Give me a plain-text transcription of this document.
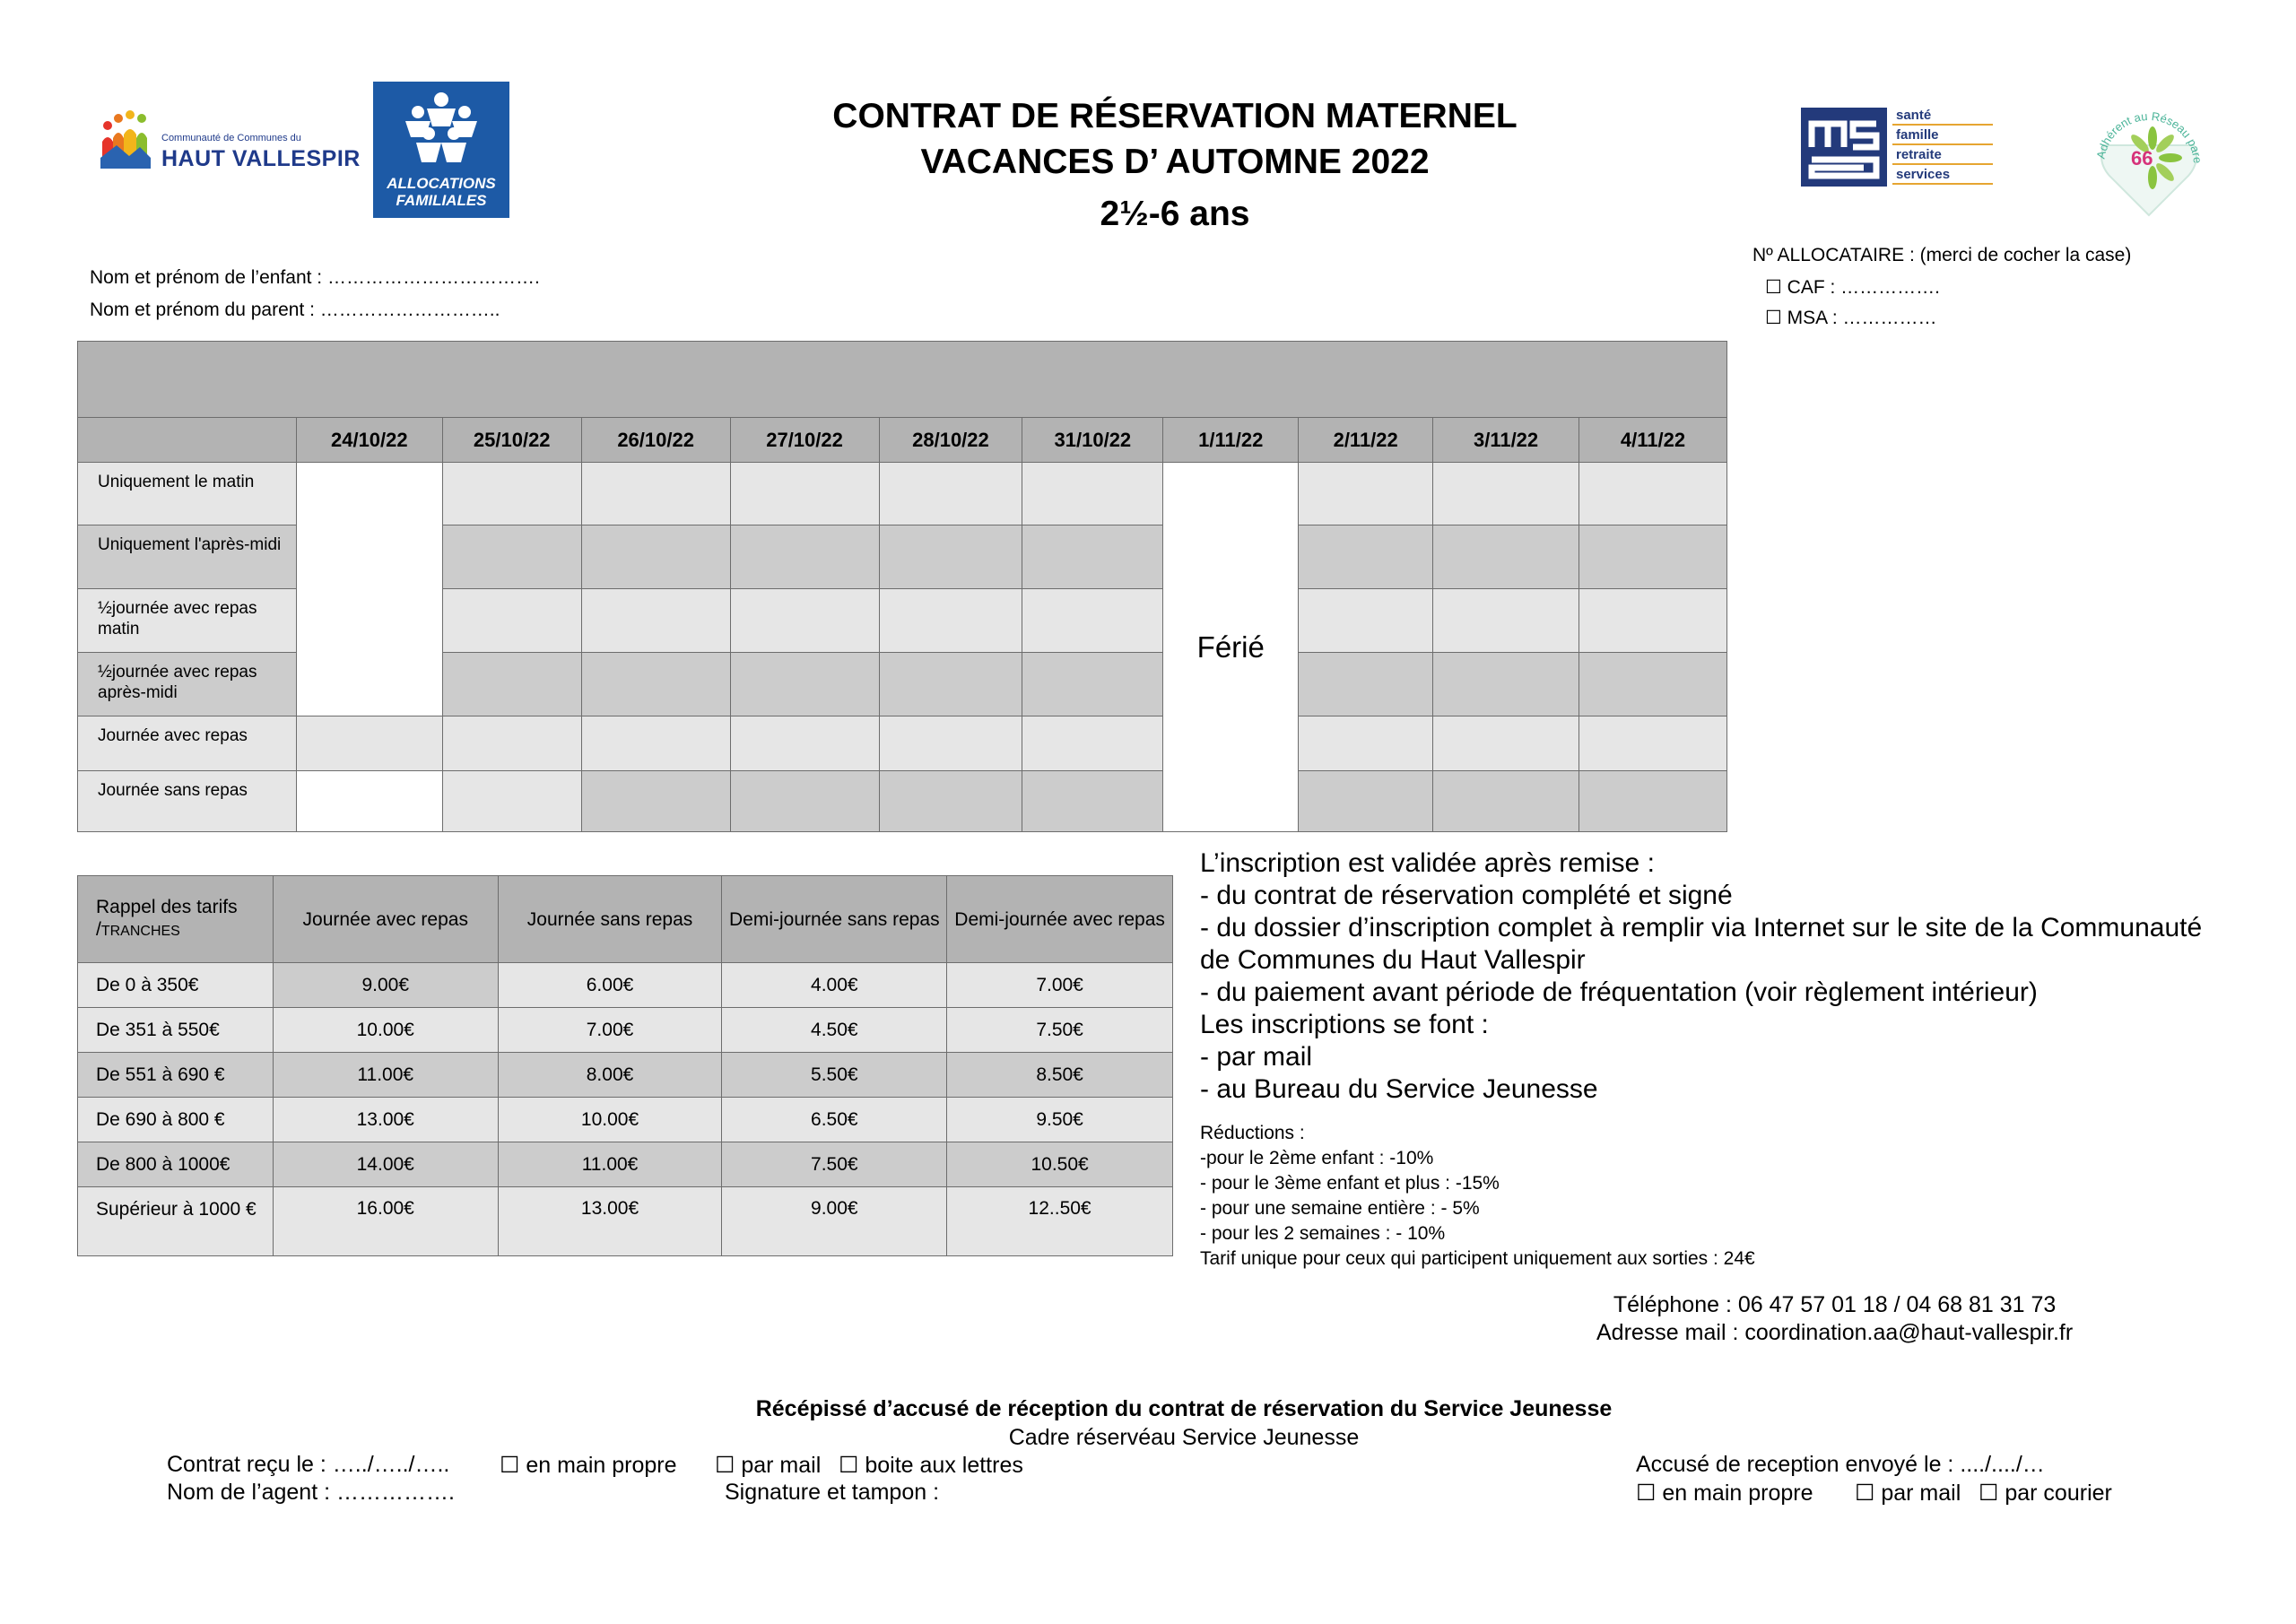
Communauté de Communes du
HAUT VALLESPIR
ALLOCATIONS
FAMILIALES
santé
famille
retraite
services
Adhérent au Réseau pare
66
CONTRAT DE RÉSERVATION MATERNEL
VACANCES D’ AUTOMNE 2022
2½-6 ans
Nom et prénom de l’enfant : …………………………….
Nom et prénom du parent : ………………………..
Nº ALLOCATAIRE : (merci de cocher la case)
☐ CAF : …………….
☐ MSA : ……………

	24/10/22	25/10/22	26/10/22	27/10/22	28/10/22	31/10/22	1/11/22	2/11/22	3/11/22	4/11/22
Uniquement le matin							Férié			
Uniquement l'après-midi										
½journée avec repas matin										
½journée avec repas après-midi										
Journée avec repas										
Journée sans repas										
Rappel des tarifs /TRANCHES	Journée avec repas	Journée sans repas	Demi-journée sans repas	Demi-journée avec repas
De 0 à 350€	9.00€	6.00€	4.00€	7.00€
De 351 à 550€	10.00€	7.00€	4.50€	7.50€
De 551 à 690 €	11.00€	8.00€	5.50€	8.50€
De 690 à 800 €	13.00€	10.00€	6.50€	9.50€
De 800 à 1000€	14.00€	11.00€	7.50€	10.50€
Supérieur à 1000 €	16.00€	13.00€	9.00€	12..50€
L’inscription est validée après remise :
- du contrat de réservation complété et signé
- du dossier d’inscription complet à remplir via Internet sur le site de la Communauté
de Communes du Haut Vallespir
- du paiement avant période de fréquentation (voir règlement intérieur)
Les inscriptions se font :
- par mail
- au Bureau du Service Jeunesse
Réductions :
-pour le 2ème enfant : -10%
- pour le 3ème enfant et plus : -15%
- pour une semaine entière : - 5%
- pour les 2 semaines : - 10%
Tarif unique pour ceux qui participent uniquement aux sorties : 24€
Téléphone : 06 47 57 01 18 / 04 68 81 31 73
Adresse mail : coordination.aa@haut-vallespir.fr
Récépissé d’accusé de réception du contrat de réservation du Service Jeunesse
Cadre réservéau Service Jeunesse
Contrat reçu le : …../…../….. ☐ en main propre ☐ par mail ☐ boite aux lettres
Nom de l’agent : …………….	Signature et tampon :
Accusé de reception envoyé le : ..../..../…
☐ en main propre ☐ par mail ☐ par courier
